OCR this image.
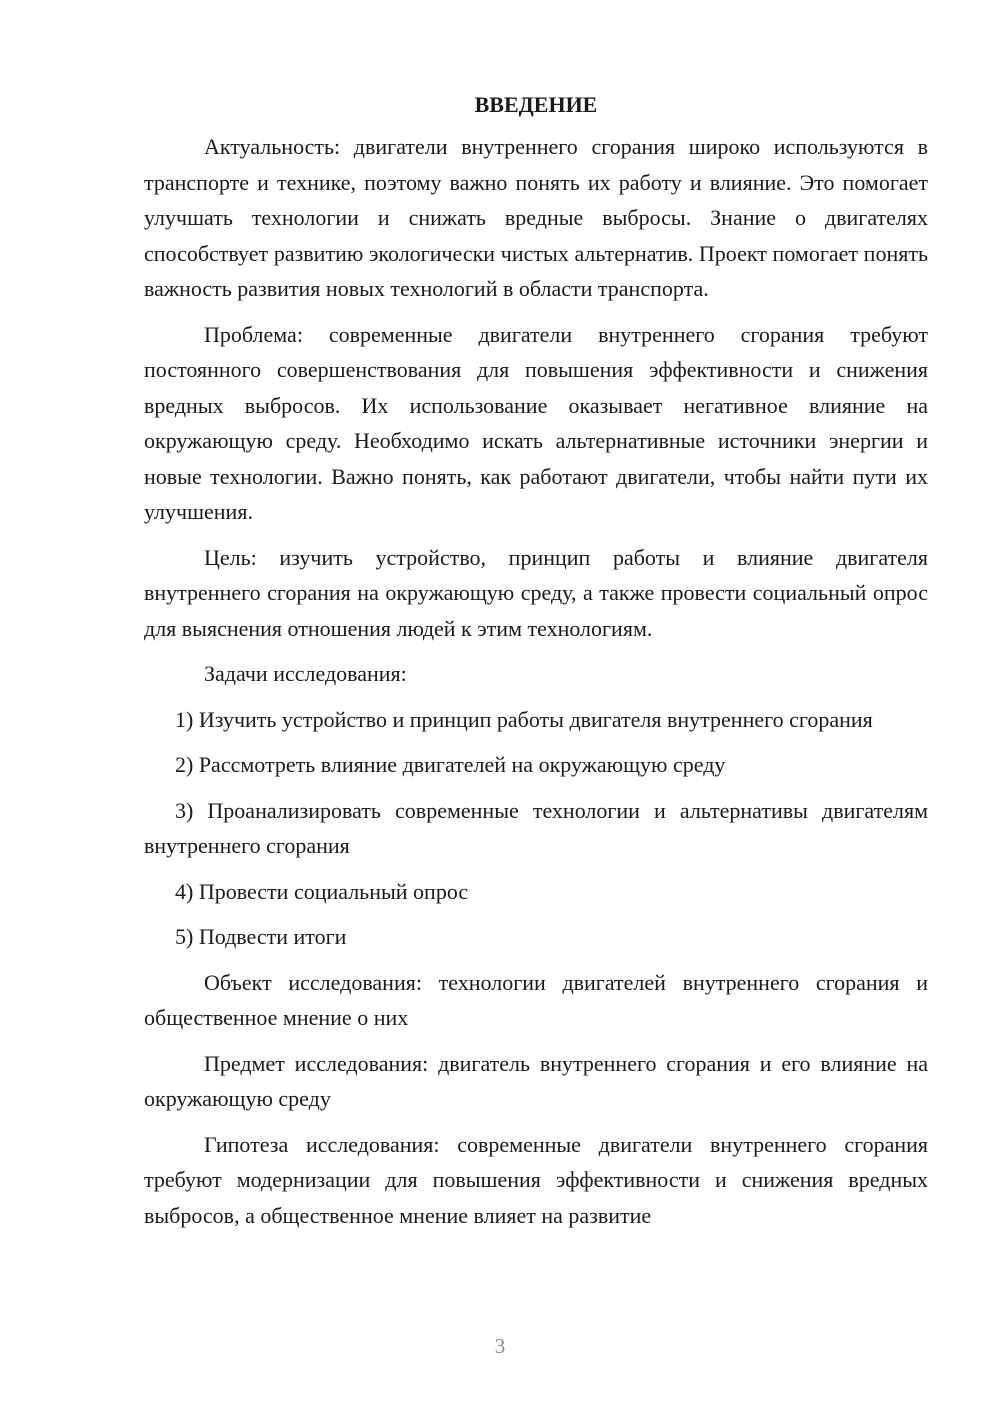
ВВЕДЕНИЕ

Актуальность: двигатели внутреннего сгорания широко используются в транспорте и технике, поэтому важно понять их работу и влияние. Это помогает улучшать технологии и снижать вредные выбросы. Знание о двигателях способствует развитию экологически чистых альтернатив. Проект помогает понять важность развития новых технологий в области транспорта.

Проблема: современные двигатели внутреннего сгорания требуют постоянного совершенствования для повышения эффективности и снижения вредных выбросов. Их использование оказывает негативное влияние на окружающую среду. Необходимо искать альтернативные источники энергии и новые технологии. Важно понять, как работают двигатели, чтобы найти пути их улучшения.

Цель: изучить устройство, принцип работы и влияние двигателя внутреннего сгорания на окружающую среду, а также провести социальный опрос для выяснения отношения людей к этим технологиям.

Задачи исследования:

1) Изучить устройство и принцип работы двигателя внутреннего сгорания

2) Рассмотреть влияние двигателей на окружающую среду

3) Проанализировать современные технологии и альтернативы двигателям внутреннего сгорания

4) Провести социальный опрос

5) Подвести итоги

Объект исследования: технологии двигателей внутреннего сгорания и общественное мнение о них

Предмет исследования: двигатель внутреннего сгорания и его влияние на окружающую среду

Гипотеза исследования: современные двигатели внутреннего сгорания требуют модернизации для повышения эффективности и снижения вредных выбросов, а общественное мнение влияет на развитие

3
